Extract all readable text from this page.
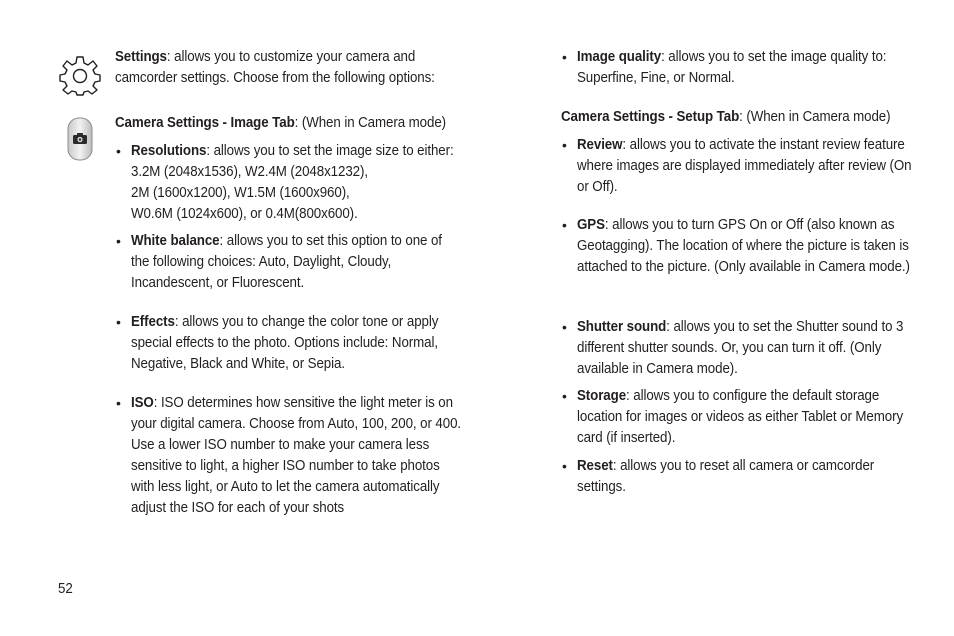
Settings: allows you to customize your camera and camcorder settings. Choose from the following options:

Camera Settings - Image Tab: (When in Camera mode)

• Resolutions: allows you to set the image size to either:
3.2M (2048x1536), W2.4M (2048x1232),
2M (1600x1200), W1.5M (1600x960),
W0.6M (1024x600), or 0.4M(800x600).
• White balance: allows you to set this option to one of the following choices: Auto, Daylight, Cloudy, Incandescent, or Fluorescent.

• Effects: allows you to change the color tone or apply special effects to the photo. Options include: Normal, Negative, Black and White, or Sepia.

• ISO: ISO determines how sensitive the light meter is on your digital camera. Choose from Auto, 100, 200, or 400. Use a lower ISO number to make your camera less sensitive to light, a higher ISO number to take photos with less light, or Auto to let the camera automatically adjust the ISO for each of your shots

52
• Image quality: allows you to set the image quality to: Superfine, Fine, or Normal.

Camera Settings - Setup Tab: (When in Camera mode)

• Review: allows you to activate the instant review feature where images are displayed immediately after review (On or Off).

• GPS: allows you to turn GPS On or Off (also known as Geotagging). The location of where the picture is taken is attached to the picture. (Only available in Camera mode.)

• Shutter sound: allows you to set the Shutter sound to 3 different shutter sounds. Or, you can turn it off. (Only available in Camera mode).

• Storage: allows you to configure the default storage location for images or videos as either Tablet or Memory card (if inserted).

• Reset: allows you to reset all camera or camcorder settings.
